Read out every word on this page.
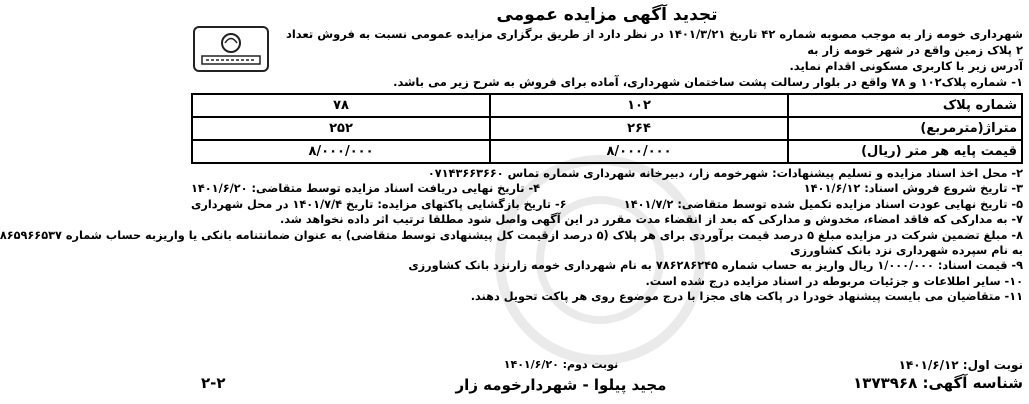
تجدید آگهی مزایده عمومی

شهرداری خومه زار به موجب مصوبه شماره ۴۲ تاریخ ۱۴۰۱/۳/۲۱ در نظر دارد از طریق برگزاری مزایده عمومی نسبت به فروش تعداد ۲ پلاک زمین واقع در شهر خومه زار به

آدرس زیر با کاربری مسکونی اقدام نماید.

۱- شماره پلاک۱۰۲ و ۷۸ واقع در بلوار رسالت پشت ساختمان شهرداری، آماده برای فروش به شرح زیر می باشد.

شماره پلاک	۱۰۲	۷۸
متراژ(مترمربع)	۲۶۴	۲۵۲
قیمت پایه هر متر (ریال)	۸/۰۰۰/۰۰۰	۸/۰۰۰/۰۰۰
۲- محل اخذ اسناد مزایده و تسلیم پیشنهادات: شهرخومه زار، دبیرخانه شهرداری شماره تماس ۰۷۱۴۳۶۶۳۶۶۰
۳- تاریخ شروع فروش اسناد: ۱۴۰۱/۶/۱۲
۴- تاریخ نهایی دریافت اسناد مزایده توسط متقاضی: ۱۴۰۱/۶/۲۰
۵- تاریخ نهایی عودت اسناد مزایده تکمیل شده توسط متقاضی: ۱۴۰۱/۷/۲
۶- تاریخ بازگشایی پاکتهای مزایده: تاریخ ۱۴۰۱/۷/۴ در محل شهرداری
۷- به مدارکی که فاقد امضاء، مخدوش و مدارکی که بعد از انقضاء مدت مقرر در این آگهی واصل شود مطلقا ترتیب اثر داده نخواهد شد.
۸- مبلغ تضمین شرکت در مزایده مبلغ ۵ درصد قیمت برآوردی برای هر پلاک (۵ درصد ازقیمت کل پیشنهادی توسط متقاضی) به عنوان ضمانتنامه بانکی یا واریزبه حساب شماره ۸۶۵۹۶۶۵۳۷
به نام سپرده شهرداری نزد بانک کشاورزی
۹- قیمت اسناد: ۱/۰۰۰/۰۰۰ ریال واریز به حساب شماره ۷۸۶۲۸۶۲۴۵ به نام شهرداری خومه زارنزد بانک کشاورزی
۱۰- سایر اطلاعات و جزئیات مربوطه در اسناد مزایده درج شده است.
۱۱- متقاضیان می بایست پیشنهاد خودرا در پاکت های مجزا با درج موضوع روی هر پاکت تحویل دهند.
نوبت اول: ۱۴۰۱/۶/۱۲
شناسه آگهی: ۱۳۷۳۹۶۸
نوبت دوم: ۱۴۰۱/۶/۲۰
مجید پیلوا - شهردارخومه زار
۲-۲
